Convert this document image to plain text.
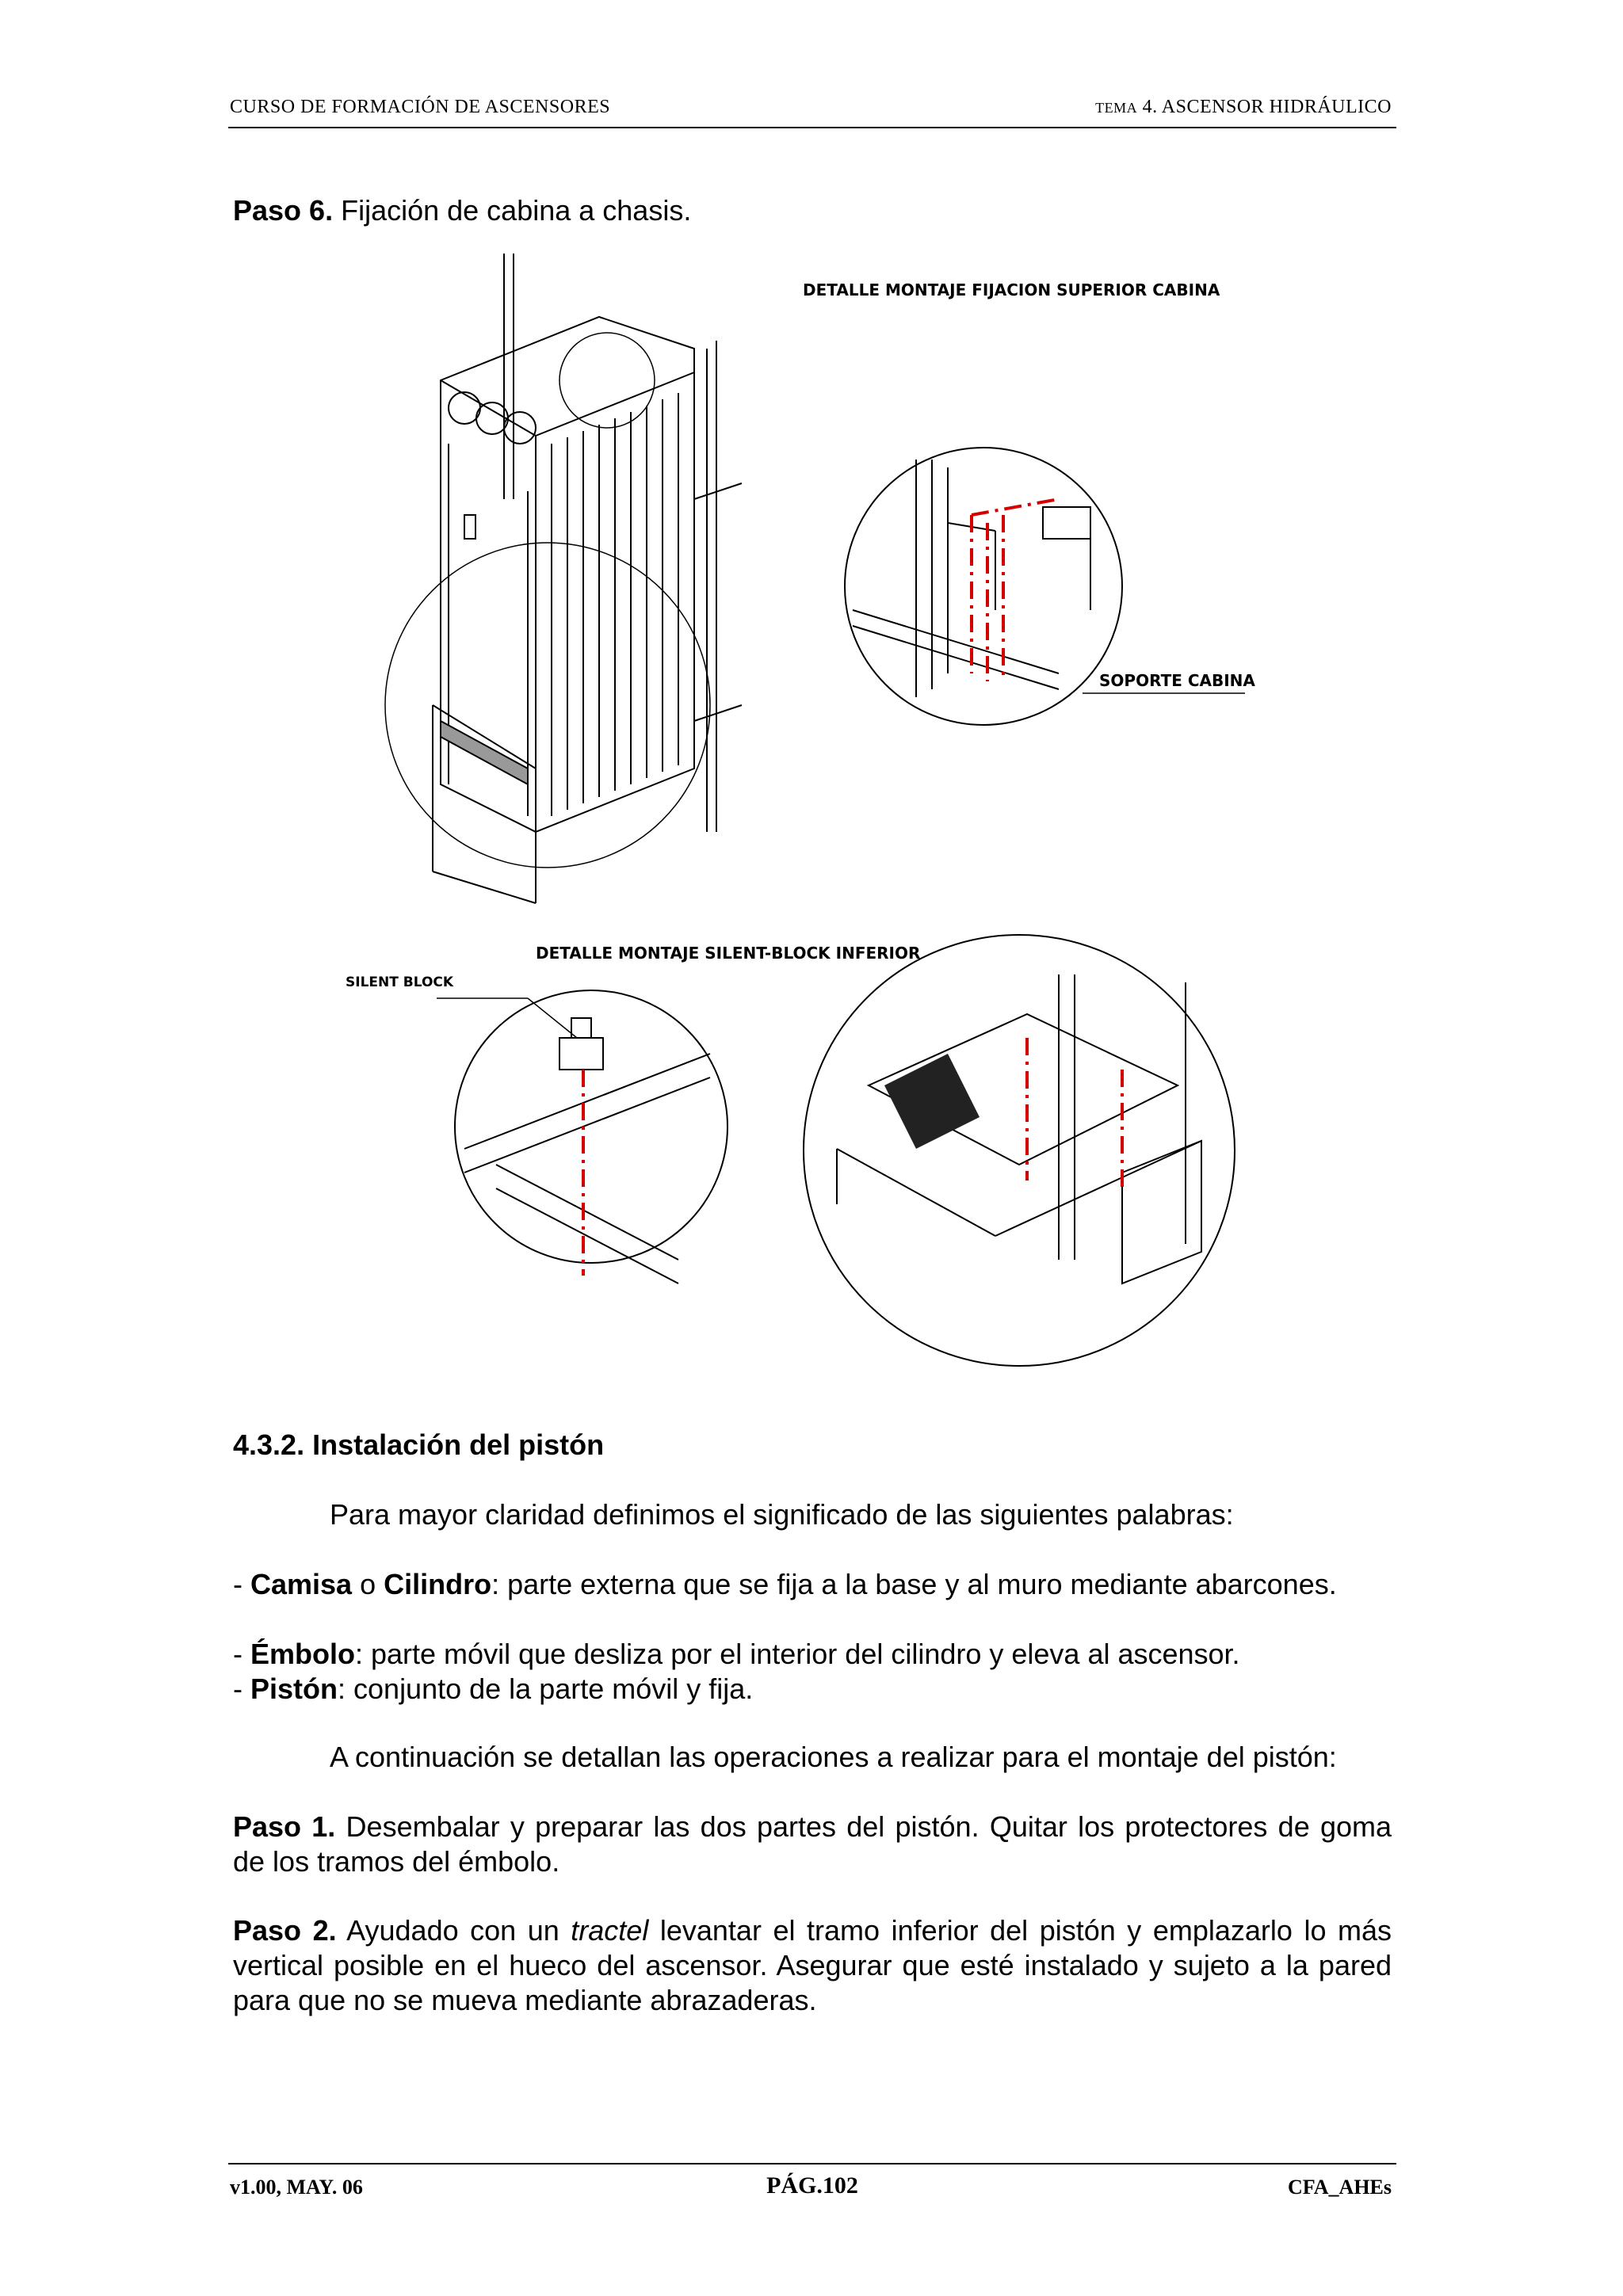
CURSO DE FORMACIÓN DE ASCENSORES	TEMA 4. ASCENSOR HIDRÁULICO
Paso 6. Fijación de cabina a chasis.
DETALLE MONTAJE FIJACION SUPERIOR CABINA
SOPORTE CABINA
DETALLE MONTAJE SILENT-BLOCK INFERIOR
SILENT BLOCK
4.3.2. Instalación del pistón
Para mayor claridad definimos el significado de las siguientes palabras:
- Camisa o Cilindro: parte externa que se fija a la base y al muro mediante abarcones.
- Émbolo: parte móvil que desliza por el interior del cilindro y eleva al ascensor.
- Pistón: conjunto de la parte móvil y fija.
A continuación se detallan las operaciones a realizar para el montaje del pistón:
Paso 1. Desembalar y preparar las dos partes del pistón. Quitar los protectores de goma de los tramos del émbolo.
Paso 2. Ayudado con un tractel levantar el tramo inferior del pistón y emplazarlo lo más vertical posible en el hueco del ascensor. Asegurar que esté instalado y sujeto a la pared para que no se mueva mediante abrazaderas.
v1.00, MAY. 06	PÁG.102	CFA_AHEs
